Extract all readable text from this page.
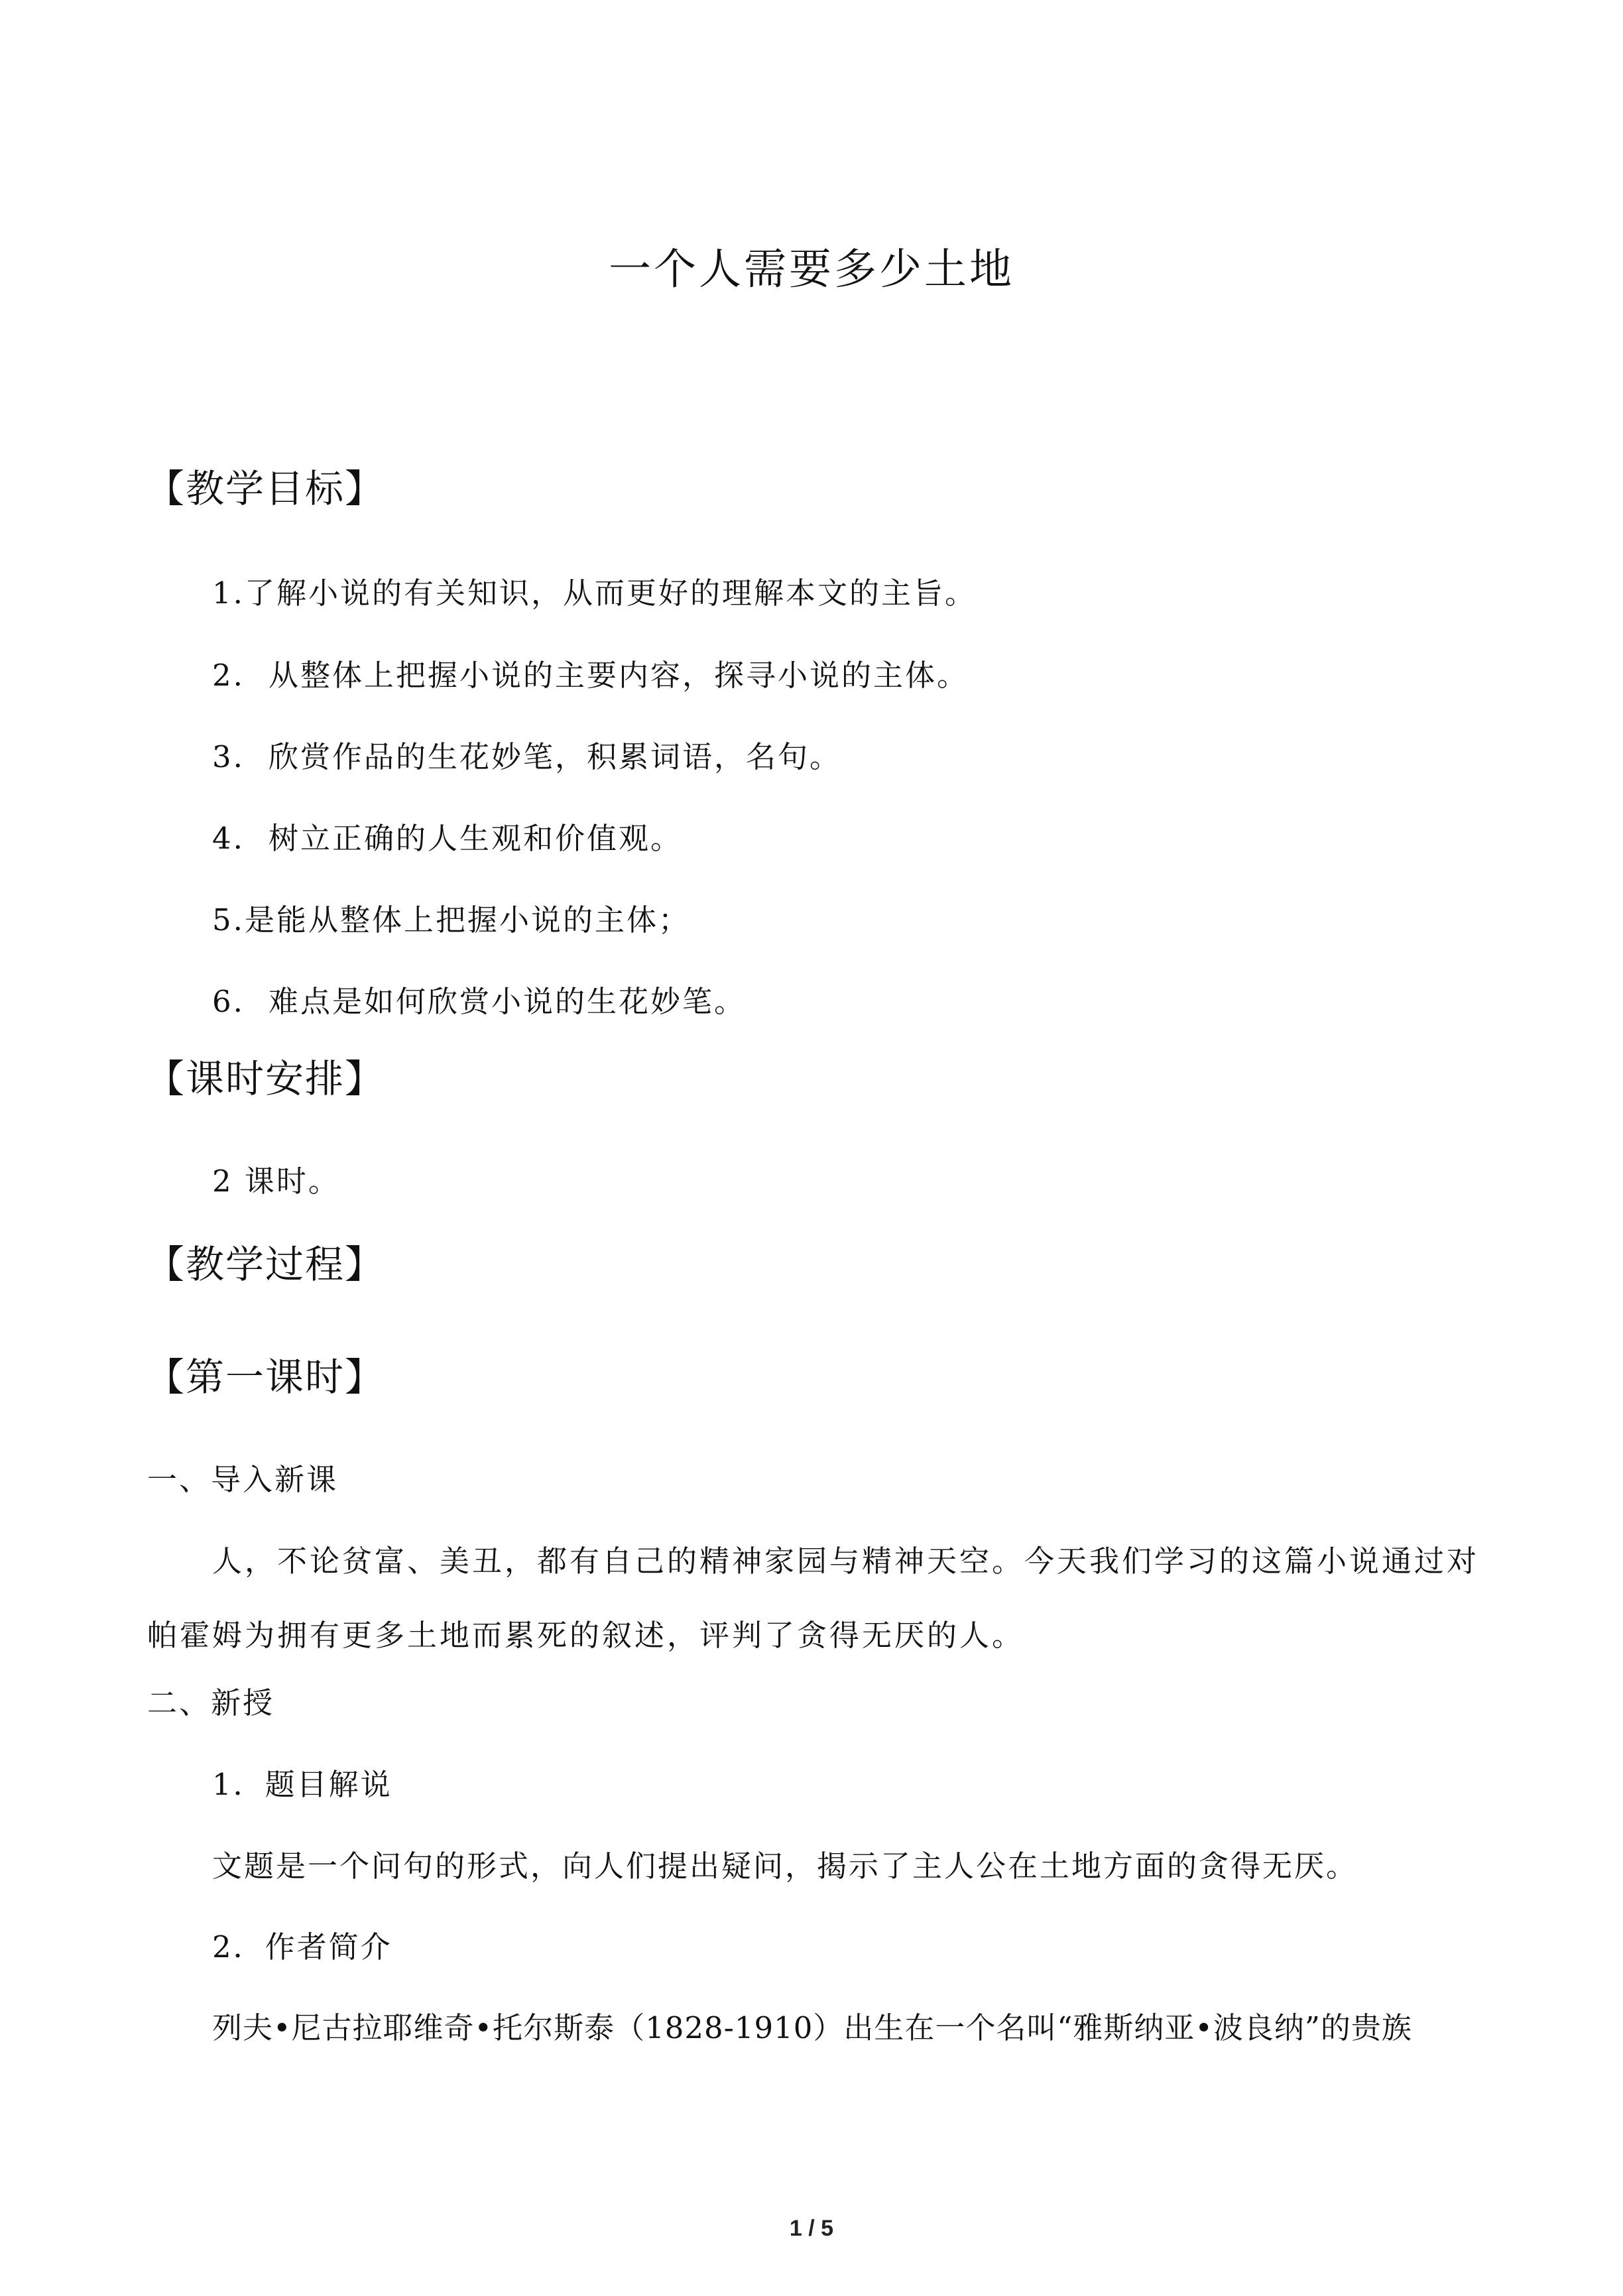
一个人需要多少土地
【教学目标】

1.了解小说的有关知识，从而更好的理解本文的主旨。

2. 从整体上把握小说的主要内容，探寻小说的主体。

3. 欣赏作品的生花妙笔，积累词语，名句。

4. 树立正确的人生观和价值观。

5.是能从整体上把握小说的主体；

6. 难点是如何欣赏小说的生花妙笔。

【课时安排】

2 课时。

【教学过程】
【第一课时】

一、导入新课

人，不论贫富、美丑，都有自己的精神家园与精神天空。今天我们学习的这篇小说通过对

帕霍姆为拥有更多土地而累死的叙述，评判了贪得无厌的人。

二、新授

1．题目解说

文题是一个问句的形式，向人们提出疑问，揭示了主人公在土地方面的贪得无厌。

2．作者简介

列夫•尼古拉耶维奇•托尔斯泰（1828-1910）出生在一个名叫“雅斯纳亚•波良纳”的贵族

1 / 5
